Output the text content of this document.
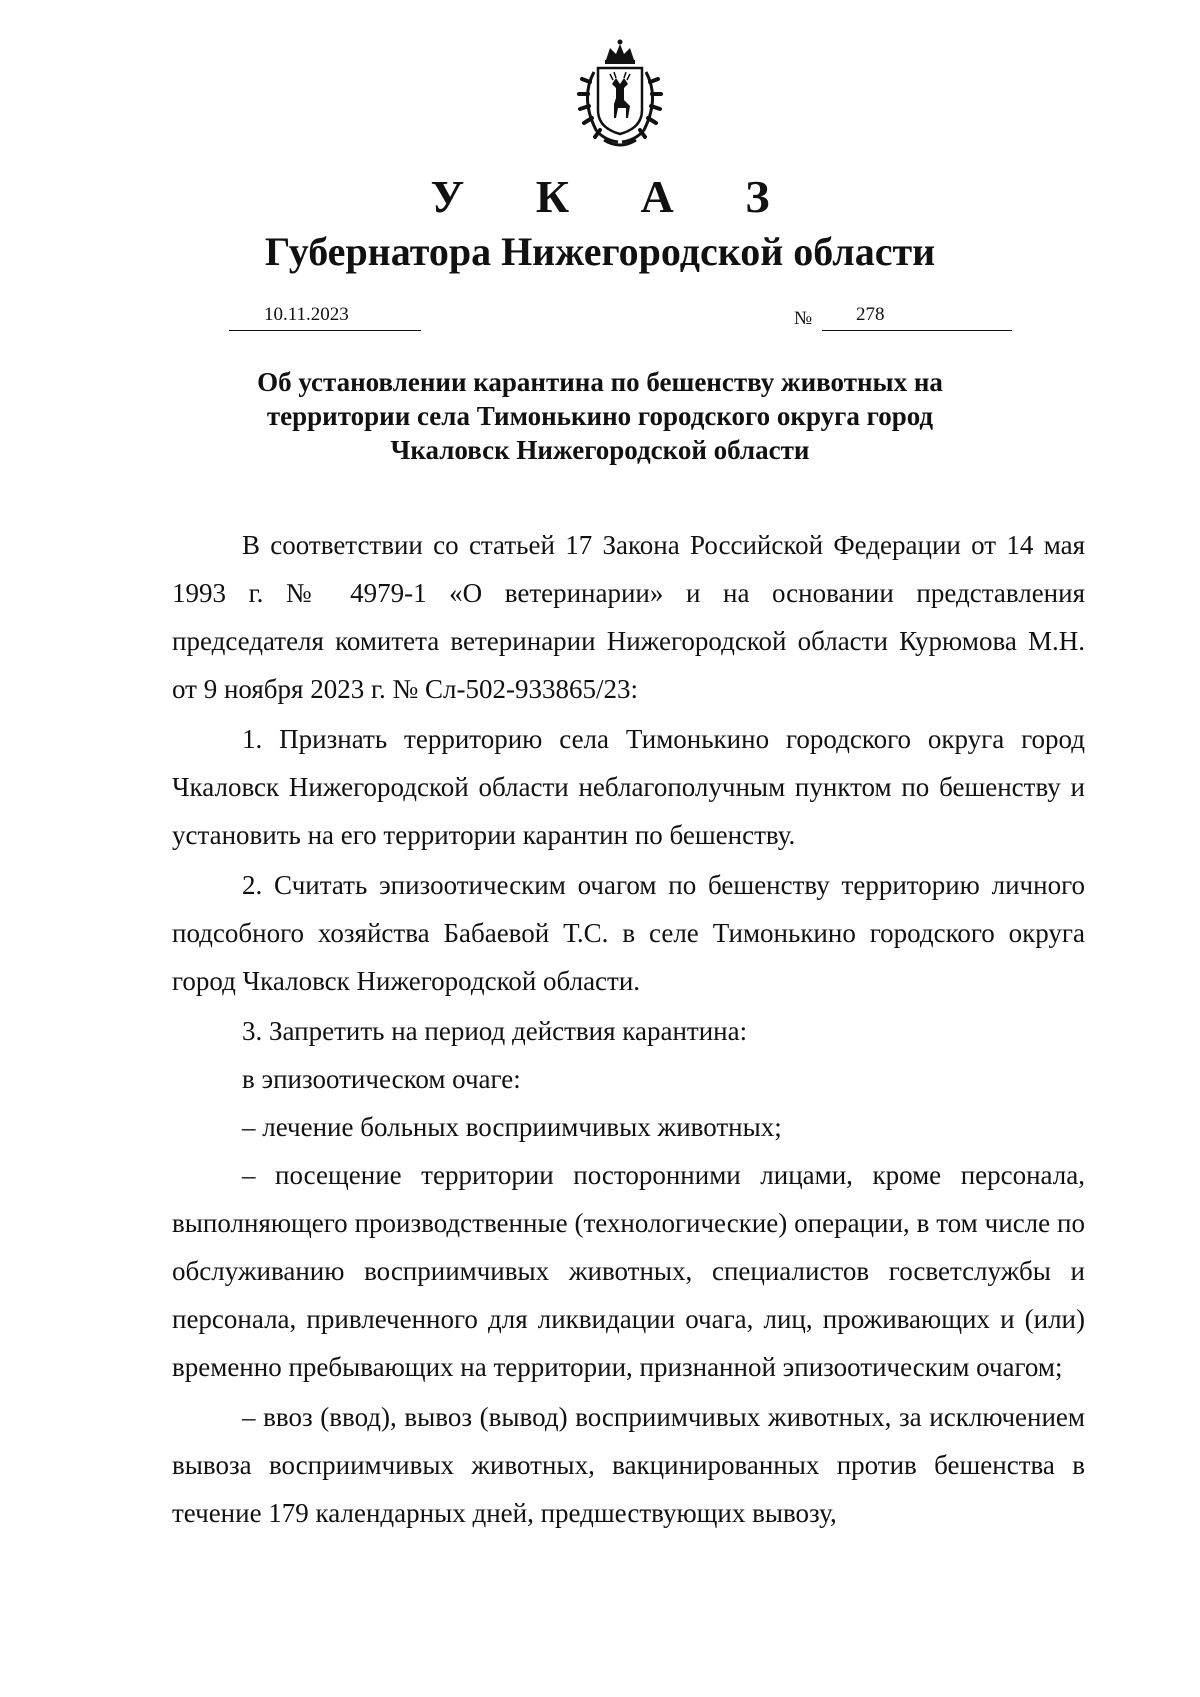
У К А З
Губернатора Нижегородской области
10.11.2023	№ 278
Об установлении карантина по бешенству животных на
территории села Тимонькино городского округа город
Чкаловск Нижегородской области

В соответствии со статьей 17 Закона Российской Федерации от 14 мая 1993 г. № 4979-1 «О ветеринарии» и на основании представления председателя комитета ветеринарии Нижегородской области Курюмова М.Н. от 9 ноября 2023 г. № Сл-502-933865/23:

1. Признать территорию села Тимонькино городского округа город Чкаловск Нижегородской области неблагополучным пунктом по бешенству и установить на его территории карантин по бешенству.

2. Считать эпизоотическим очагом по бешенству территорию личного подсобного хозяйства Бабаевой Т.С. в селе Тимонькино городского округа город Чкаловск Нижегородской области.

3. Запретить на период действия карантина:

в эпизоотическом очаге:

– лечение больных восприимчивых животных;

– посещение территории посторонними лицами, кроме персонала, выполняющего производственные (технологические) операции, в том числе по обслуживанию восприимчивых животных, специалистов госветслужбы и персонала, привлеченного для ликвидации очага, лиц, проживающих и (или) временно пребывающих на территории, признанной эпизоотическим очагом;

– ввоз (ввод), вывоз (вывод) восприимчивых животных, за исключением вывоза восприимчивых животных, вакцинированных против бешенства в течение 179 календарных дней, предшествующих вывозу,
